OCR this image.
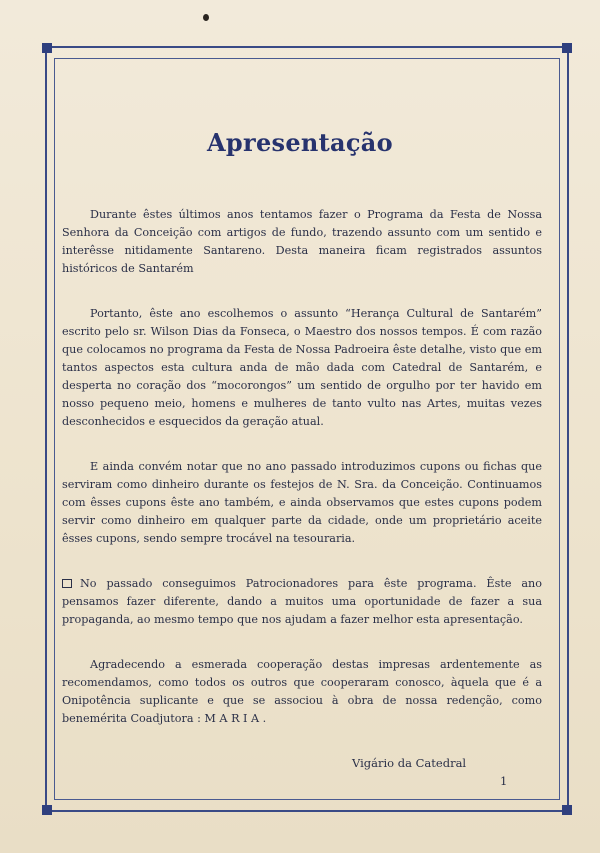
Apresentação

Durante êstes últimos anos tentamos fazer o Programa da Festa de Nossa Senhora da Conceição com artigos de fundo, trazendo assunto com um sentido e interêsse nitidamente Santareno. Desta maneira ficam registrados assuntos históricos de Santarém

Portanto, êste ano escolhemos o assunto “Herança Cultural de Santarém” escrito pelo sr. Wilson Dias da Fonseca, o Maestro dos nossos tempos. É com razão que colocamos no programa da Festa de Nossa Padroeira êste detalhe, visto que em tantos aspectos esta cultura anda de mão dada com Catedral de Santarém, e desperta no coração dos “mocorongos” um sentido de orgulho por ter havido em nosso pequeno meio, homens e mulheres de tanto vulto nas Artes, muitas vezes desconhecidos e esquecidos da geração atual.

E ainda convém notar que no ano passado introduzimos cupons ou fichas que serviram como dinheiro durante os festejos de N. Sra. da Conceição. Continuamos com êsses cupons êste ano também, e ainda observamos que estes cupons podem servir como dinheiro em qualquer parte da cidade, onde um proprietário aceite êsses cupons, sendo sempre trocável na tesouraria.

No passado conseguimos Patrocionadores para êste programa. Êste ano pensamos fazer diferente, dando a muitos uma oportunidade de fazer a sua propaganda, ao mesmo tempo que nos ajudam a fazer melhor esta apresentação.

Agradecendo a esmerada cooperação destas impresas ardentemente as recomendamos, como todos os outros que cooperaram conosco, àquela que é a Onipotência suplicante e que se associou à obra de nossa redenção, como benemérita Coadjutora : M A R I A .

Vigário da Catedral
1
